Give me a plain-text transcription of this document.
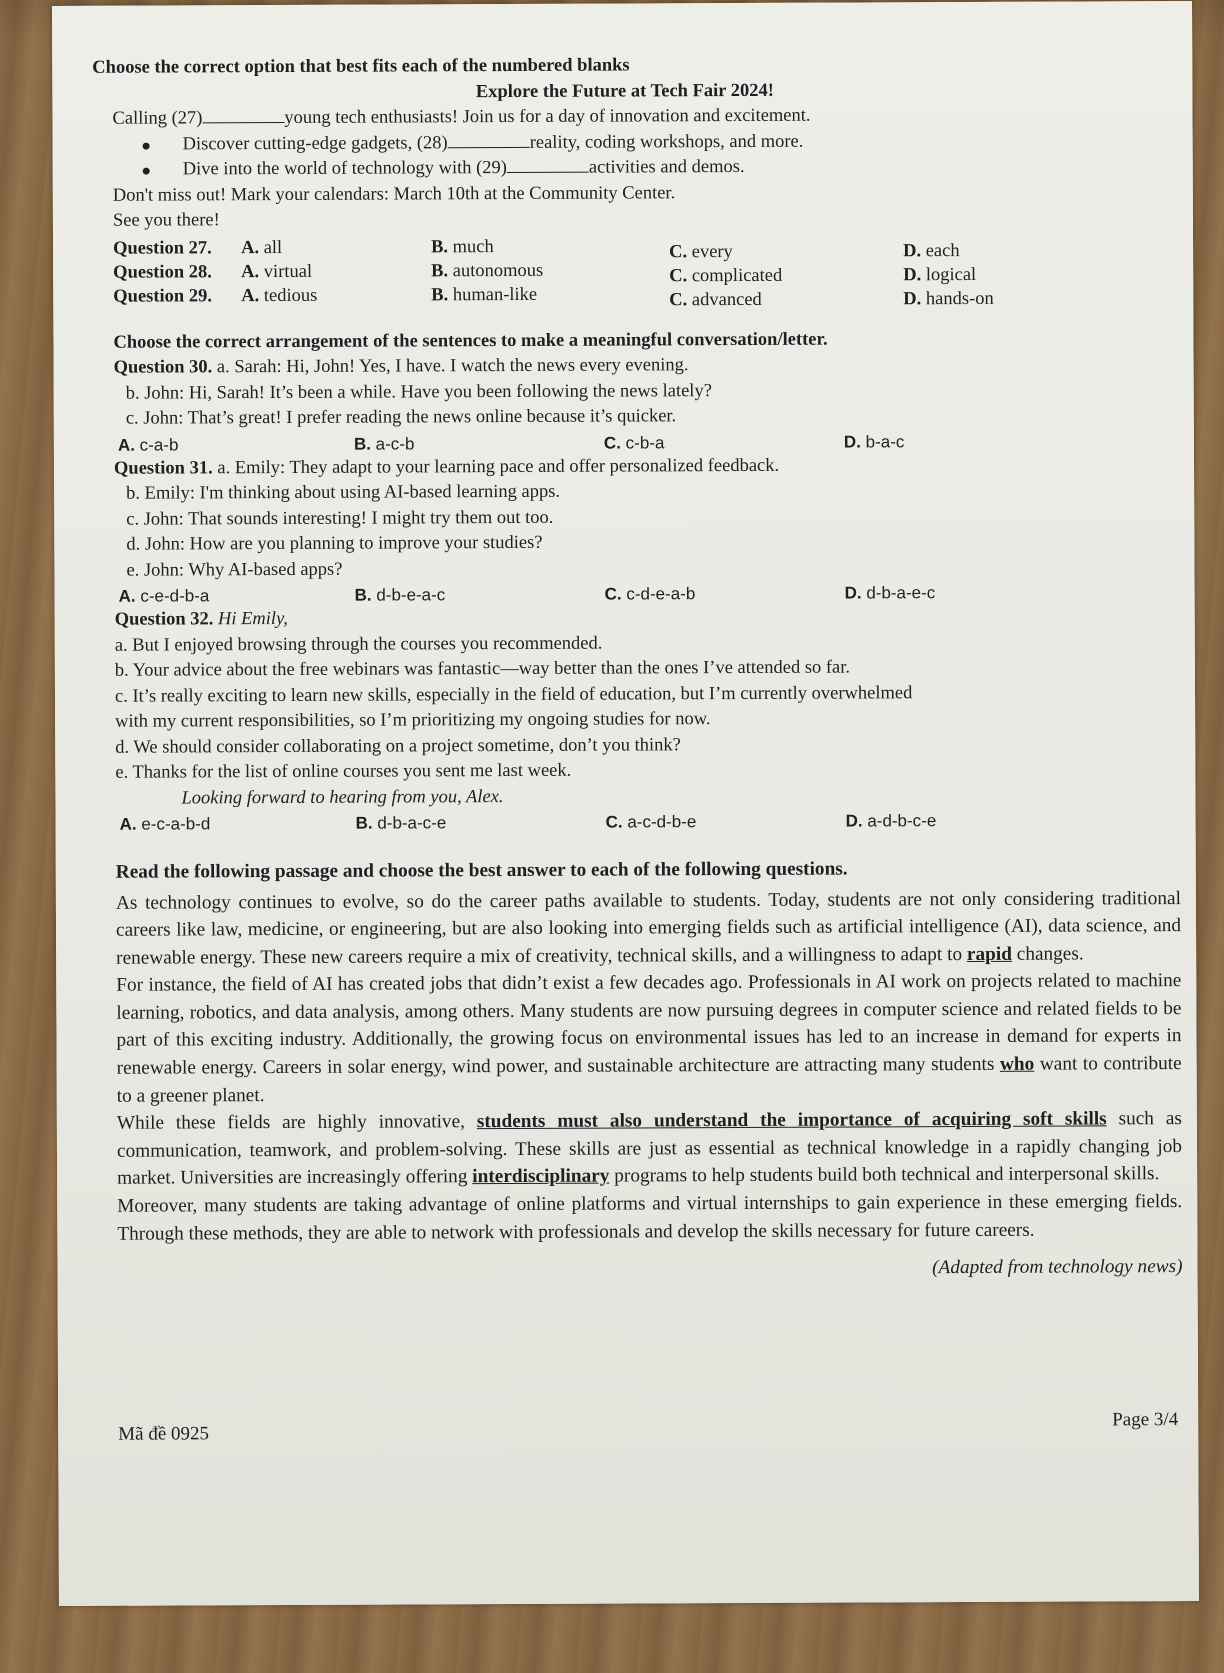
Choose the correct option that best fits each of the numbered blanks

Explore the Future at Tech Fair 2024!

Calling (27)	young tech enthusiasts! Join us for a day of innovation and excitement.

Discover cutting-edge gadgets, (28)	reality, coding workshops, and more.

Dive into the world of technology with (29)	activities and demos.

Don't miss out! Mark your calendars: March 10th at the Community Center.

See you there!

Question 27. A. all	B. much	C. every	D. each
Question 28. A. virtual	B. autonomous	C. complicated	D. logical
Question 29. A. tedious	B. human-like	C. advanced	D. hands-on

Choose the correct arrangement of the sentences to make a meaningful conversation/letter.

Question 30. a. Sarah: Hi, John! Yes, I have. I watch the news every evening.

b. John: Hi, Sarah! It’s been a while. Have you been following the news lately?

c. John: That’s great! I prefer reading the news online because it’s quicker.

A. c-a-b	B. a-c-b	C. c-b-a	D. b-a-c

Question 31. a. Emily: They adapt to your learning pace and offer personalized feedback.

b. Emily: I'm thinking about using AI-based learning apps.

c. John: That sounds interesting! I might try them out too.

d. John: How are you planning to improve your studies?

e. John: Why AI-based apps?

A. c-e-d-b-a	B. d-b-e-a-c	C. c-d-e-a-b	D. d-b-a-e-c

Question 32. Hi Emily,

a. But I enjoyed browsing through the courses you recommended.

b. Your advice about the free webinars was fantastic—way better than the ones I’ve attended so far.

c. It’s really exciting to learn new skills, especially in the field of education, but I’m currently overwhelmed

with my current responsibilities, so I’m prioritizing my ongoing studies for now.

d. We should consider collaborating on a project sometime, don’t you think?

e. Thanks for the list of online courses you sent me last week.

Looking forward to hearing from you, Alex.

A. e-c-a-b-d	B. d-b-a-c-e	C. a-c-d-b-e	D. a-d-b-c-e

Read the following passage and choose the best answer to each of the following questions.

As technology continues to evolve, so do the career paths available to students. Today, students are not only considering traditional careers like law, medicine, or engineering, but are also looking into emerging fields such as artificial intelligence (AI), data science, and renewable energy. These new careers require a mix of creativity, technical skills, and a willingness to adapt to rapid changes.

For instance, the field of AI has created jobs that didn’t exist a few decades ago. Professionals in AI work on projects related to machine learning, robotics, and data analysis, among others. Many students are now pursuing degrees in computer science and related fields to be part of this exciting industry. Additionally, the growing focus on environmental issues has led to an increase in demand for experts in renewable energy. Careers in solar energy, wind power, and sustainable architecture are attracting many students who want to contribute to a greener planet.

While these fields are highly innovative, students must also understand the importance of acquiring soft skills such as communication, teamwork, and problem-solving. These skills are just as essential as technical knowledge in a rapidly changing job market. Universities are increasingly offering interdisciplinary programs to help students build both technical and interpersonal skills.

Moreover, many students are taking advantage of online platforms and virtual internships to gain experience in these emerging fields. Through these methods, they are able to network with professionals and develop the skills necessary for future careers.

(Adapted from technology news)

Mã đề 0925
Page 3/4
